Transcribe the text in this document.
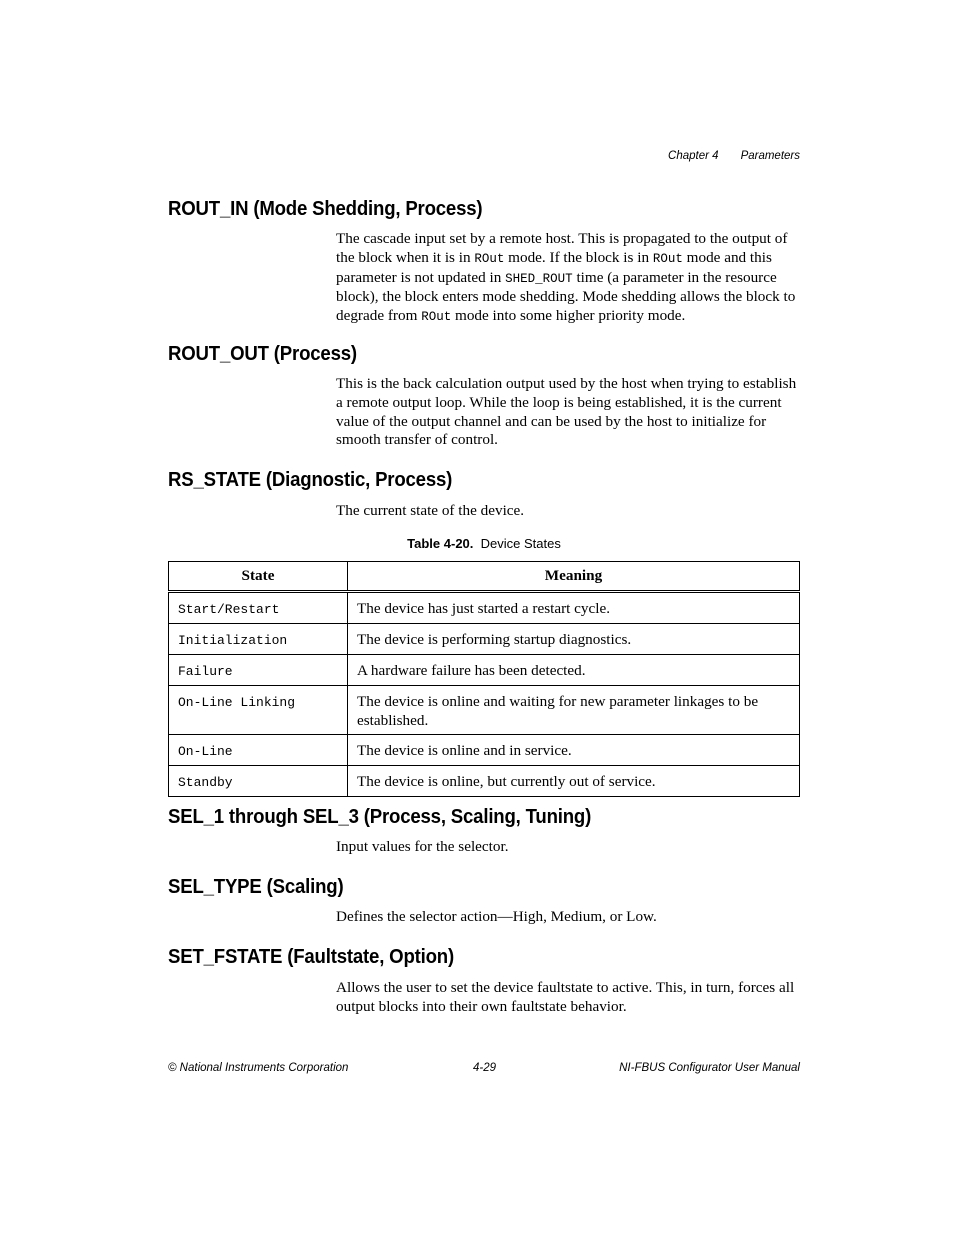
Chapter 4 Parameters
ROUT_IN (Mode Shedding, Process)

The cascade input set by a remote host. This is propagated to the output of the block when it is in ROut mode. If the block is in ROut mode and this parameter is not updated in SHED_ROUT time (a parameter in the resource block), the block enters mode shedding. Mode shedding allows the block to degrade from ROut mode into some higher priority mode.

ROUT_OUT (Process)

This is the back calculation output used by the host when trying to establish a remote output loop. While the loop is being established, it is the current value of the output channel and can be used by the host to initialize for smooth transfer of control.

RS_STATE (Diagnostic, Process)

The current state of the device.

Table 4-20. Device States
State	Meaning
Start/Restart	The device has just started a restart cycle.
Initialization	The device is performing startup diagnostics.
Failure	A hardware failure has been detected.
On-Line Linking	The device is online and waiting for new parameter linkages to be established.
On-Line	The device is online and in service.
Standby	The device is online, but currently out of service.
SEL_1 through SEL_3 (Process, Scaling, Tuning)

Input values for the selector.

SEL_TYPE (Scaling)

Defines the selector action—High, Medium, or Low.

SET_FSTATE (Faultstate, Option)

Allows the user to set the device faultstate to active. This, in turn, forces all output blocks into their own faultstate behavior.

© National Instruments Corporation	4-29	NI-FBUS Configurator User Manual
